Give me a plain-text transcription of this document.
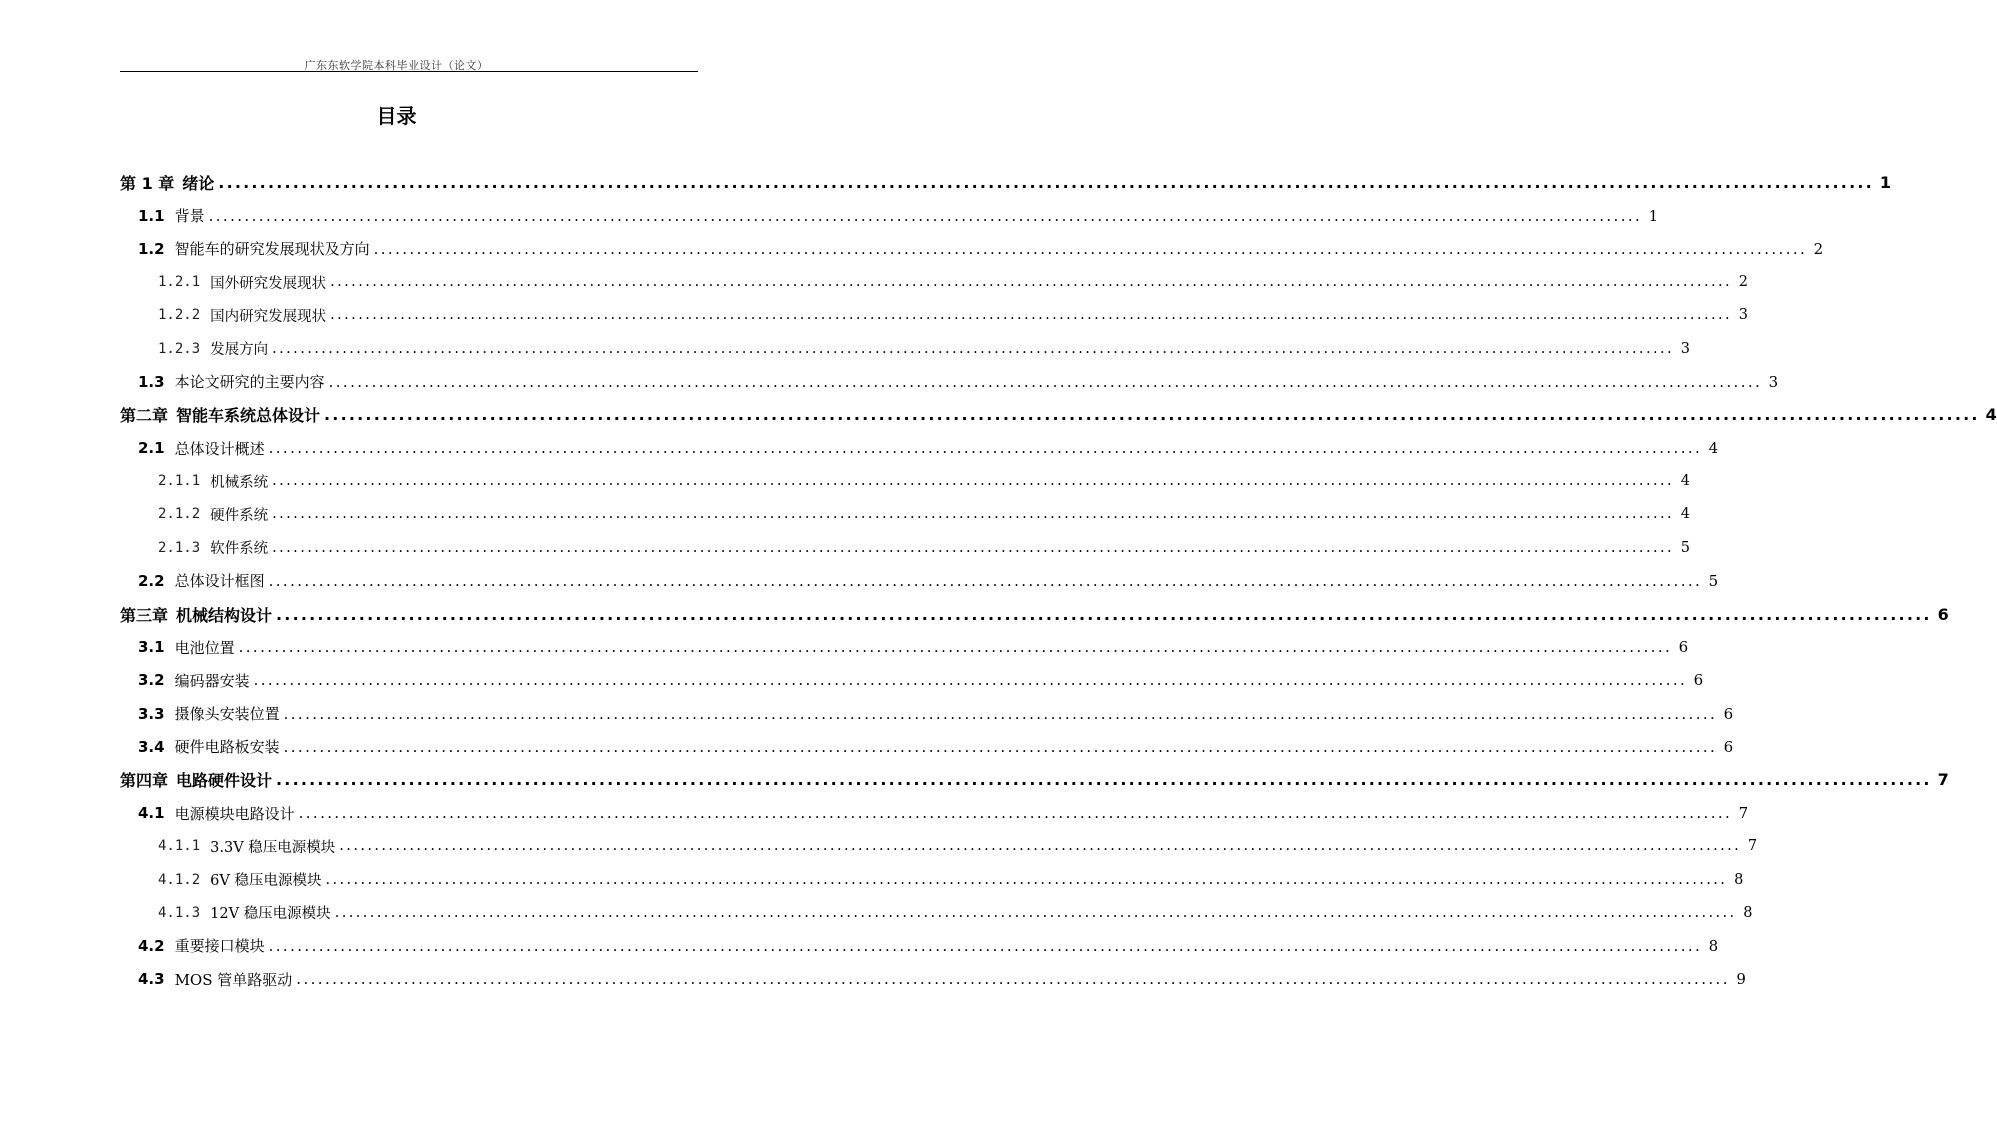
广东东软学院本科毕业设计（论文）
目录
第 1 章 绪论 ........................................................................................................................................................................................................ 1
1.1 背景 ........................................................................................................................................................................................................ 1
1.2 智能车的研究发展现状及方向 ........................................................................................................................................................................................................ 2
1.2.1 国外研究发展现状 ........................................................................................................................................................................................................ 2
1.2.2 国内研究发展现状 ........................................................................................................................................................................................................ 3
1.2.3 发展方向 ........................................................................................................................................................................................................ 3
1.3 本论文研究的主要内容 ........................................................................................................................................................................................................ 3
第二章 智能车系统总体设计 ........................................................................................................................................................................................................ 4
2.1 总体设计概述 ........................................................................................................................................................................................................ 4
2.1.1 机械系统 ........................................................................................................................................................................................................ 4
2.1.2 硬件系统 ........................................................................................................................................................................................................ 4
2.1.3 软件系统 ........................................................................................................................................................................................................ 5
2.2 总体设计框图 ........................................................................................................................................................................................................ 5
第三章 机械结构设计 ........................................................................................................................................................................................................ 6
3.1 电池位置 ........................................................................................................................................................................................................ 6
3.2 编码器安装 ........................................................................................................................................................................................................ 6
3.3 摄像头安装位置 ........................................................................................................................................................................................................ 6
3.4 硬件电路板安装 ........................................................................................................................................................................................................ 6
第四章 电路硬件设计 ........................................................................................................................................................................................................ 7
4.1 电源模块电路设计 ........................................................................................................................................................................................................ 7
4.1.1 3.3V 稳压电源模块 ........................................................................................................................................................................................................ 7
4.1.2 6V 稳压电源模块 ........................................................................................................................................................................................................ 8
4.1.3 12V 稳压电源模块 ........................................................................................................................................................................................................ 8
4.2 重要接口模块 ........................................................................................................................................................................................................ 8
4.3 MOS 管单路驱动 ........................................................................................................................................................................................................ 9
